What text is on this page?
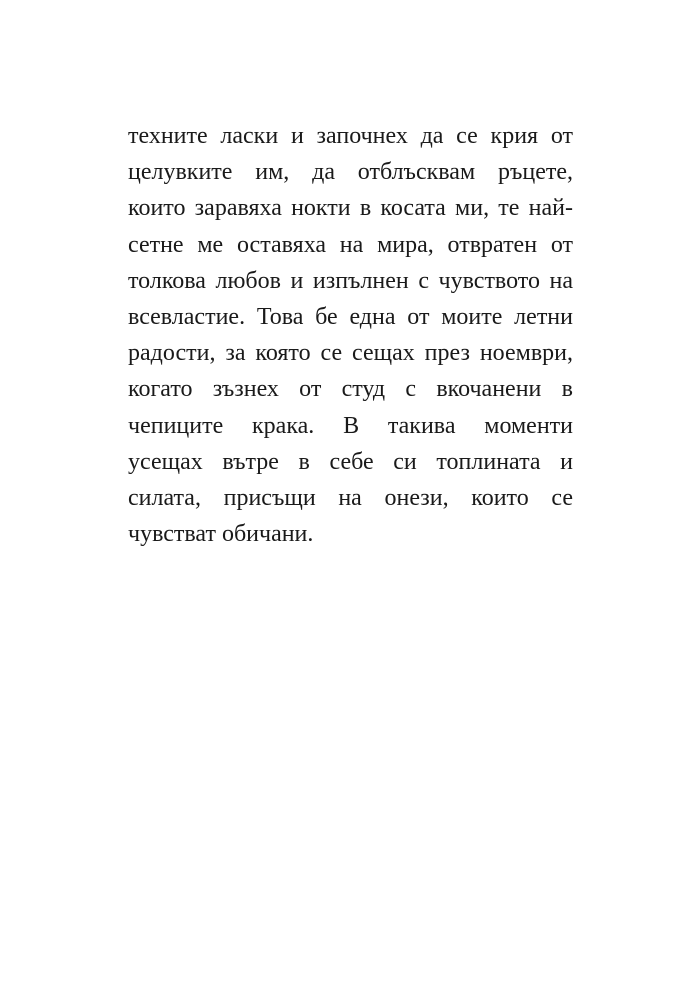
техните ласки и започнех да се крия от
целувките им, да отблъсквам ръцете,
които заравяха нокти в косата ми, те най-
сетне ме оставяха на мира, отвратен от
толкова любов и изпълнен с чувството на
всевластие. Това бе една от моите летни
радости, за която се сещах през ноември,
когато зъзнех от студ с вкочанени в
чепиците крака. В такива моменти
усещах вътре в себе си топлината и
силата, присъщи на онези, които се
чувстват обичани.
